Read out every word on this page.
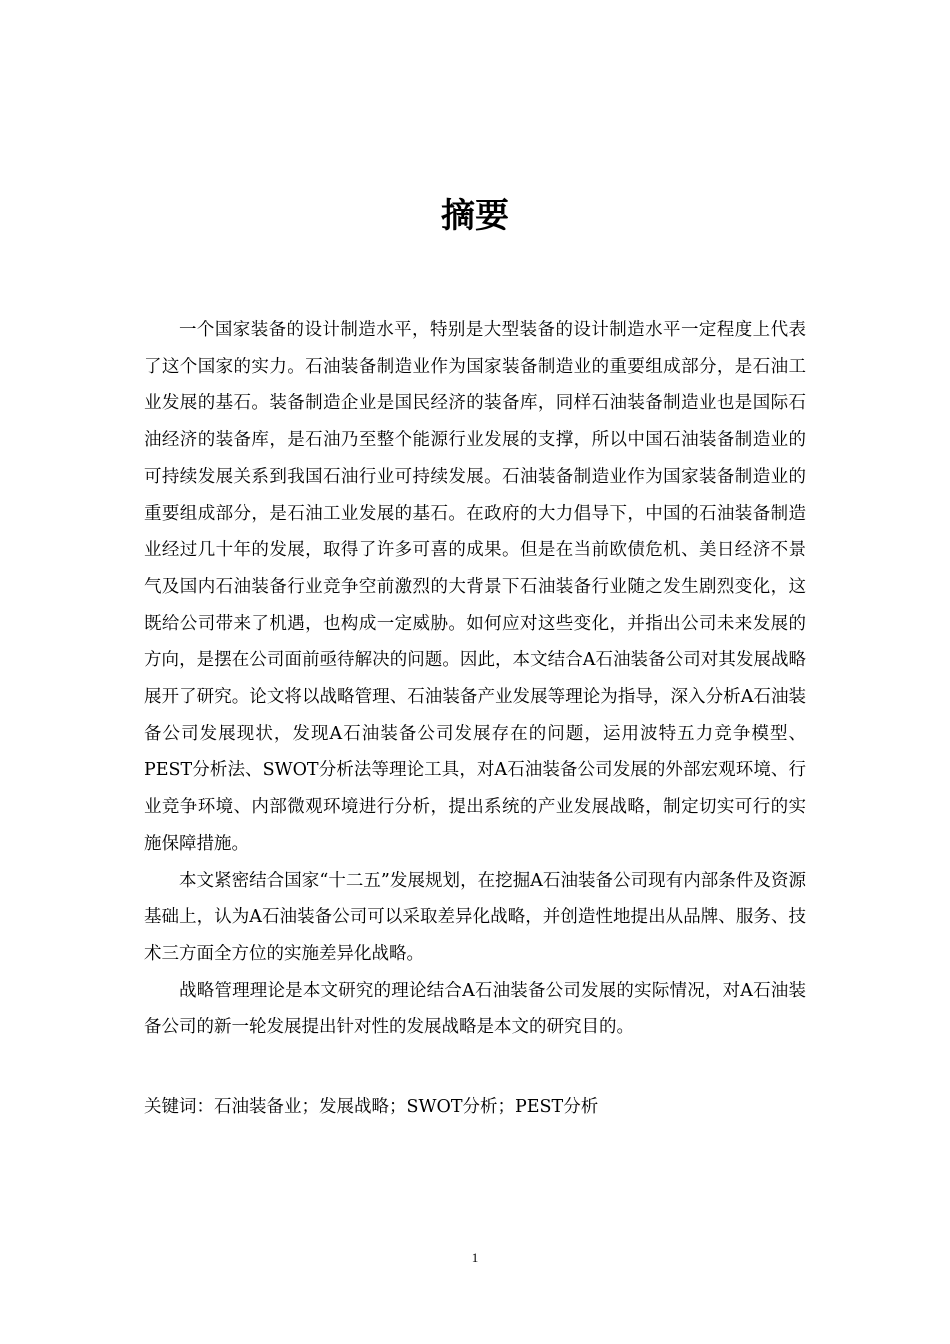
摘要

一个国家装备的设计制造水平，特别是大型装备的设计制造水平一定程度上代表了这个国家的实力。石油装备制造业作为国家装备制造业的重要组成部分，是石油工业发展的基石。装备制造企业是国民经济的装备库，同样石油装备制造业也是国际石油经济的装备库，是石油乃至整个能源行业发展的支撑，所以中国石油装备制造业的可持续发展关系到我国石油行业可持续发展。石油装备制造业作为国家装备制造业的重要组成部分，是石油工业发展的基石。在政府的大力倡导下，中国的石油装备制造业经过几十年的发展，取得了许多可喜的成果。但是在当前欧债危机、美日经济不景气及国内石油装备行业竞争空前激烈的大背景下石油装备行业随之发生剧烈变化，这既给公司带来了机遇，也构成一定威胁。如何应对这些变化，并指出公司未来发展的方向，是摆在公司面前亟待解决的问题。因此，本文结合A石油装备公司对其发展战略展开了研究。论文将以战略管理、石油装备产业发展等理论为指导，深入分析A石油装备公司发展现状，发现A石油装备公司发展存在的问题，运用波特五力竞争模型、PEST分析法、SWOT分析法等理论工具，对A石油装备公司发展的外部宏观环境、行业竞争环境、内部微观环境进行分析，提出系统的产业发展战略，制定切实可行的实施保障措施。

本文紧密结合国家“十二五”发展规划，在挖掘A石油装备公司现有内部条件及资源基础上，认为A石油装备公司可以采取差异化战略，并创造性地提出从品牌、服务、技术三方面全方位的实施差异化战略。

战略管理理论是本文研究的理论结合A石油装备公司发展的实际情况，对A石油装备公司的新一轮发展提出针对性的发展战略是本文的研究目的。

关键词：石油装备业；发展战略；SWOT分析；PEST分析
1
